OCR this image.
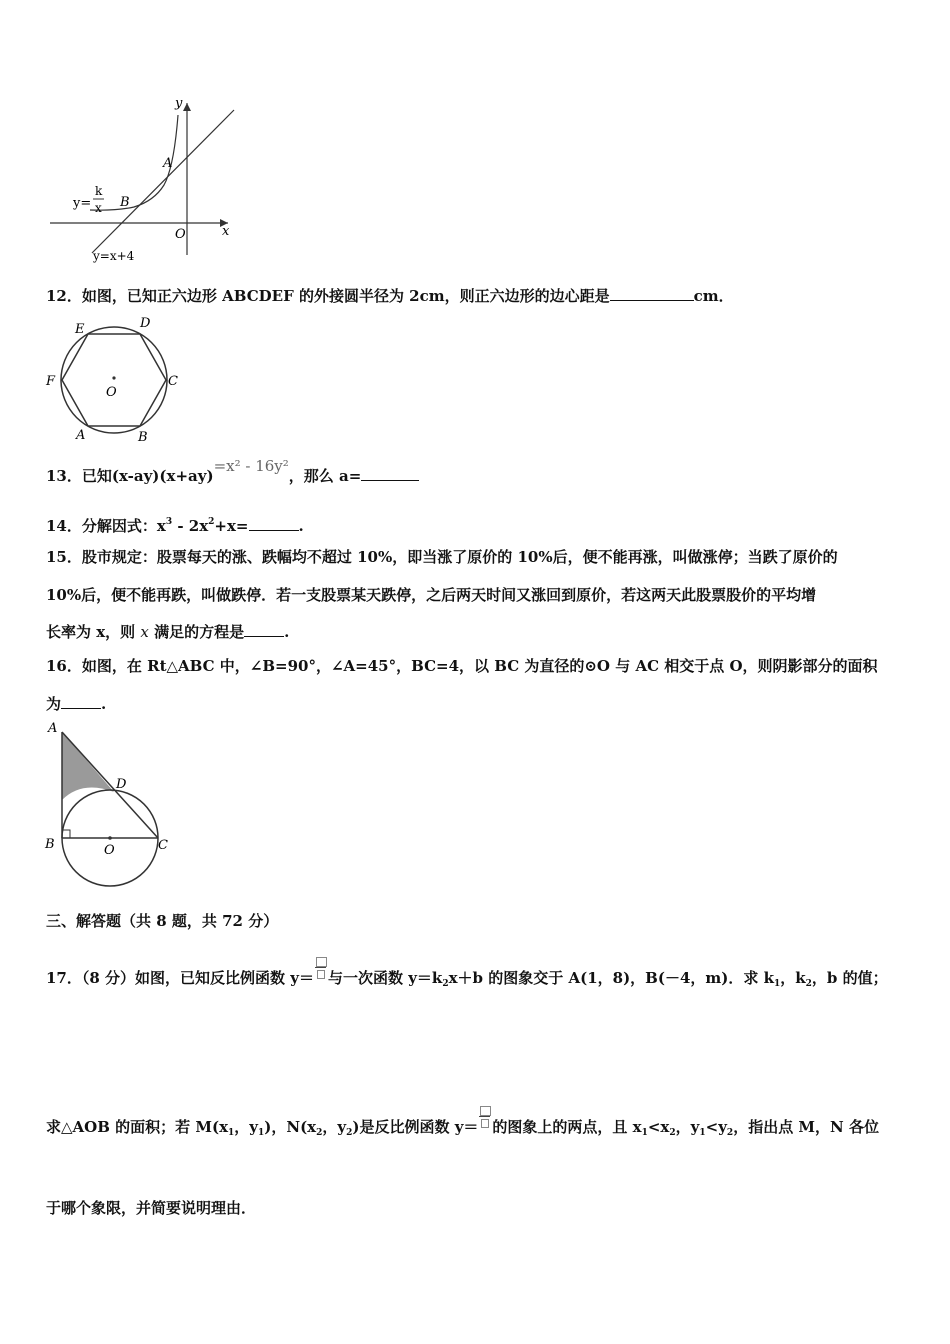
y
A
B
O	x
y=
k
x
y=x+4
12．如图，已知正六边形 ABCDEF 的外接圆半径为 2cm，则正六边形的边心距是	cm．
E	D
F	C
A	B
O
13．已知(x-ay)(x+ay)=x² - 16y²，那么 a=
14．分解因式：$x^3 - 2x^2+x=$	.
15．股市规定：股票每天的涨、跌幅均不超过 10%，即当涨了原价的 10%后，便不能再涨，叫做涨停；当跌了原价的
10%后，便不能再跌，叫做跌停．若一支股票某天跌停，之后两天时间又涨回到原价，若这两天此股票股价的平均增
长率为 x，则 x 满足的方程是	.
16．如图，在 Rt△ABC 中，∠B=90°，∠A=45°，BC=4，以 BC 为直径的⊙O 与 AC 相交于点 O，则阴影部分的面积
为	.
A
D
B	O	C
三、解答题（共 8 题，共 72 分）
17．（8 分）如图，已知反比例函数 y＝ 与一次函数 $y=k_2x+b$ 的图象交于 A(1，8)，B(－4，m)．求 $k_1$，$k_2$，b 的值；
求△AOB 的面积；若 $M(x_1$，$y_1$)，$N(x_2$，$y_2$)是反比例函数 y＝ 的图象上的两点，且 $x_1<x_2$，$y_1<y_2$，指出点 M，N 各位
于哪个象限，并简要说明理由．
